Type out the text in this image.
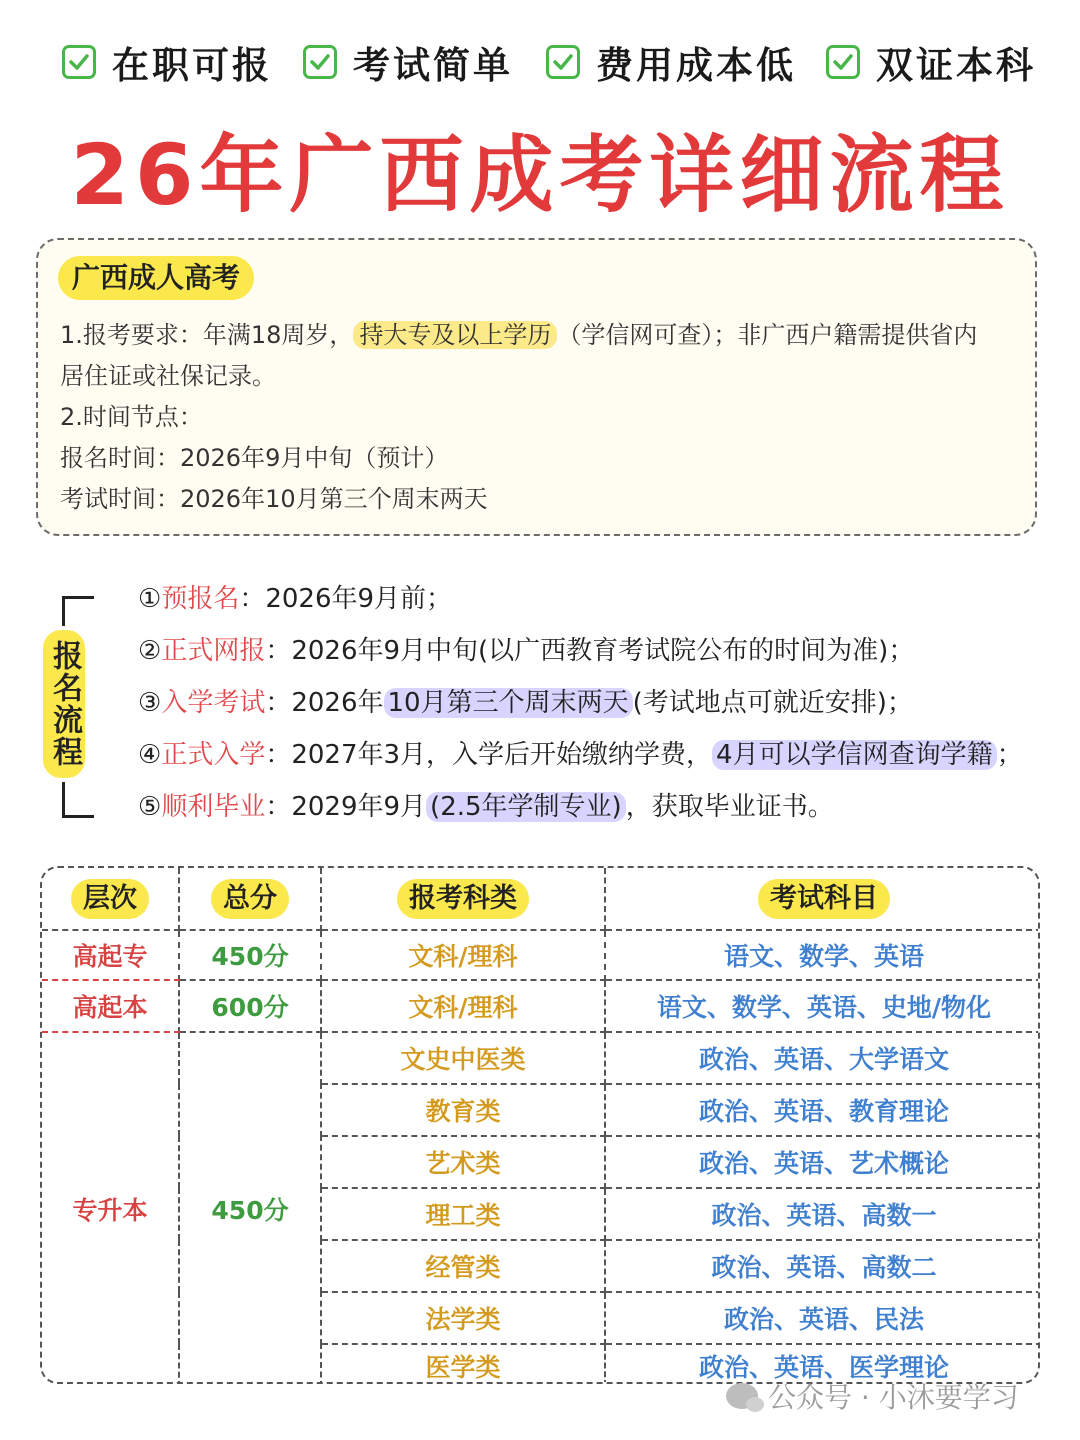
在职可报 考试简单 费用成本低 双证本科
26年广西成考详细流程
广西成人高考
1.报考要求：年满18周岁， 持大专及以上学历 （学信网可查）；非广西户籍需提供省内
居住证或社保记录。
2.时间节点：
报名时间：2026年9月中旬（预计）
考试时间：2026年10月第三个周末两天
报名流程
①预报名：2026年9月前；
②正式网报：2026年9月中旬(以广西教育考试院公布的时间为准)；
③入学考试：2026年 10月第三个周末两天 (考试地点可就近安排)；
④正式入学：2027年3月，入学后开始缴纳学费， 4月可以学信网查询学籍 ；
⑤顺利毕业：2029年9月 (2.5年学制专业) ，获取毕业证书。
层次	总分	报考科类	考试科目
高起专	450分	文科/理科	语文、数学、英语
高起本	600分	文科/理科	语文、数学、英语、史地/物化
专升本	450分	文史中医类	政治、英语、大学语文
		教育类	政治、英语、教育理论
		艺术类	政治、英语、艺术概论
		理工类	政治、英语、高数一
		经管类	政治、英语、高数二
		法学类	政治、英语、民法
		医学类	政治、英语、医学理论
公众号 · 小沐要学习
